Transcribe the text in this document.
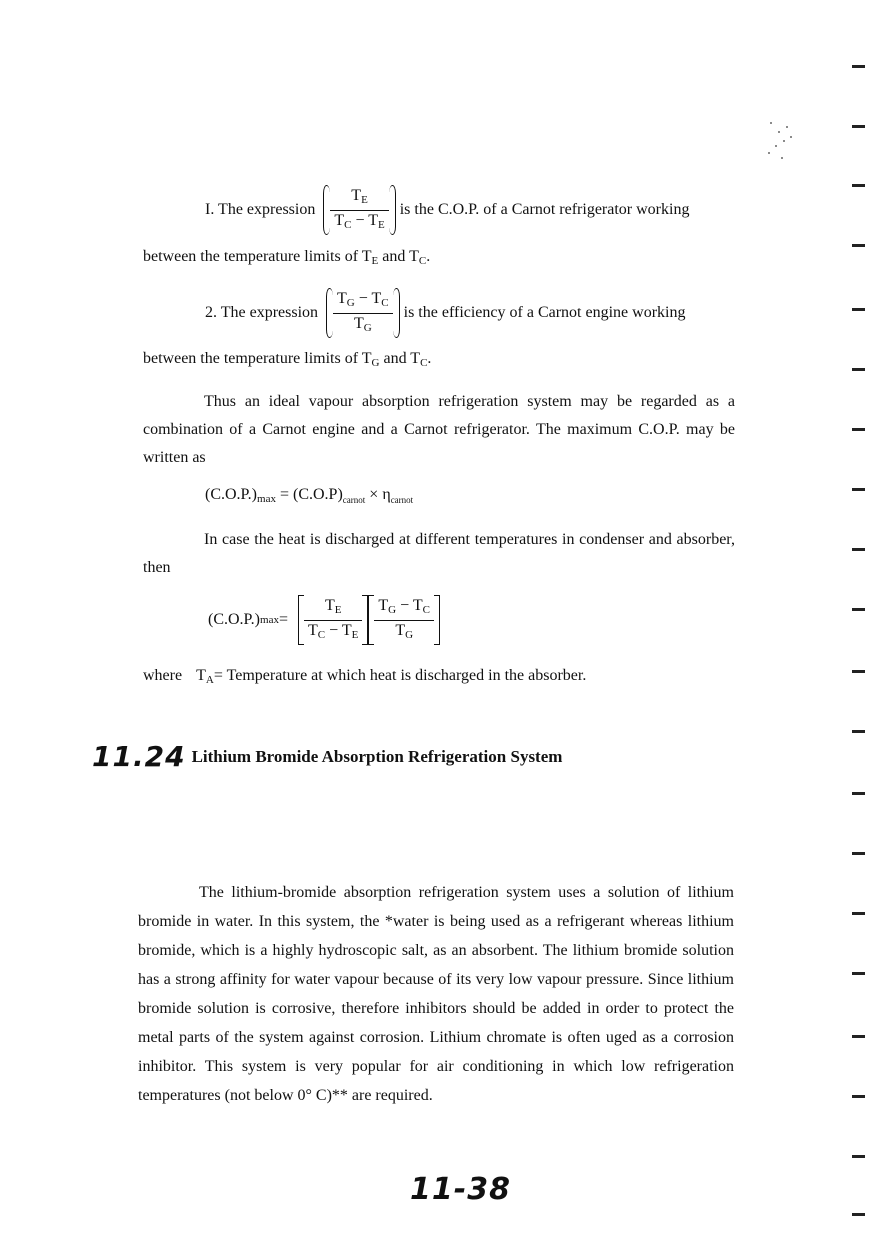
I. The expression $\frac{T_E}{T_C - T_E}$ is the C.O.P. of a Carnot refrigerator working
between the temperature limits of $T_E$ and $T_C$.
2. The expression $\frac{T_G - T_C}{T_G}$ is the efficiency of a Carnot engine working
between the temperature limits of $T_G$ and $T_C$.
Thus an ideal vapour absorption refrigeration system may be regarded as a combination of a Carnot engine and a Carnot refrigerator. The maximum C.O.P. may be written as
$(C.O.P.)_{max} = (C.O.P)_{carnot} \times \eta_{carnot}$
In case the heat is discharged at different temperatures in condenser and absorber, then
(C.O.P.) $\max = \frac{T_E}{T_C - T_E} \frac{T_G - T_C}{T_G}$
where $T_A=$ Temperature at which heat is discharged in the absorber.
11.24 Lithium Bromide Absorption Refrigeration System
The lithium-bromide absorption refrigeration system uses a solution of lithium bromide in water. In this system, the *water is being used as a refrigerant whereas lithium bromide, which is a highly hydroscopic salt, as an absorbent. The lithium bromide solution has a strong affinity for water vapour because of its very low vapour pressure. Since lithium bromide solution is corrosive, therefore inhibitors should be added in order to protect the metal parts of the system against corrosion. Lithium chromate is often uged as a corrosion inhibitor. This system is very popular for air conditioning in which low refrigeration temperatures (not below 0° C)** are required.
11-38
